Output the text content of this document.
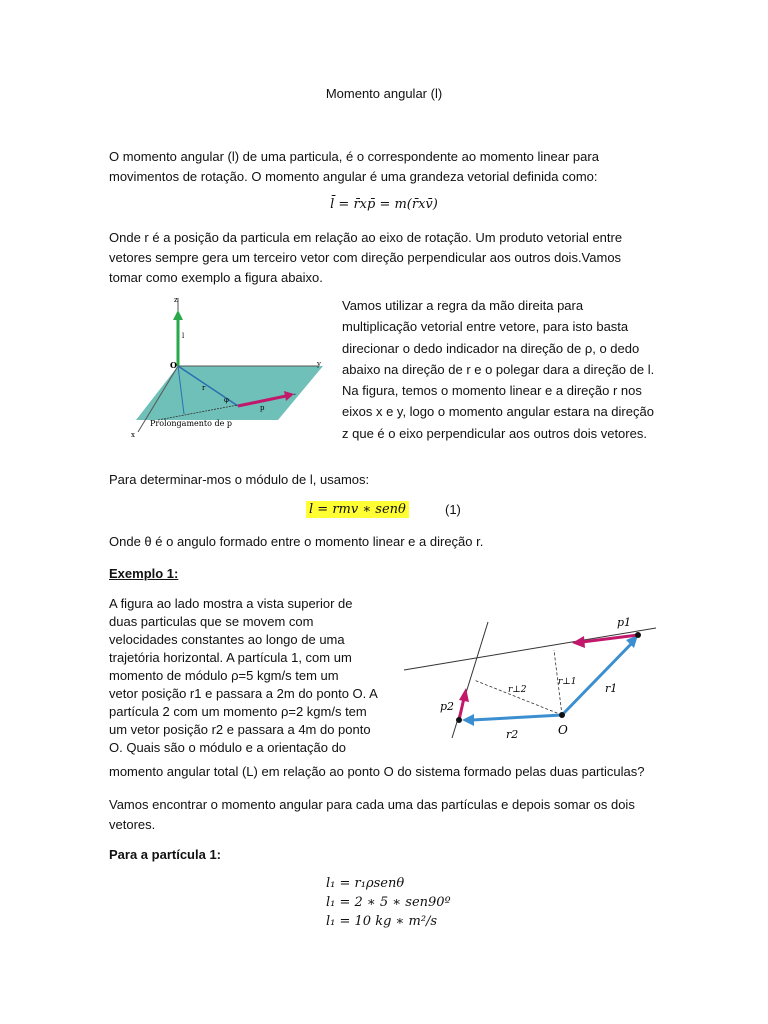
Momento angular (l)
O momento angular (l) de uma particula, é o correspondente ao momento linear para
movimentos de rotação. O momento angular é uma grandeza vetorial definida como:
l̄ = r̄xp̄ = m(r̄xv̄)
Onde r é a posição da particula em relação ao eixo de rotação. Um produto vetorial entre
vetores sempre gera um terceiro vetor com direção perpendicular aos outros dois.Vamos
tomar como exemplo a figura abaixo.
z
y
x
O
l
r
p
φ
Prolongamento de p
Vamos utilizar a regra da mão direita para
multiplicação vetorial entre vetore, para isto basta
direcionar o dedo indicador na direção de ρ, o dedo
abaixo na direção de r e o polegar dara a direção de l.
Na figura, temos o momento linear e a direção r nos
eixos x e y, logo o momento angular estara na direção
z que é o eixo perpendicular aos outros dois vetores.
Para determinar-mos o módulo de l, usamos:
l = rmv ∗ senθ	(1)
Onde θ é o angulo formado entre o momento linear e a direção r.
Exemplo 1:
A figura ao lado mostra a vista superior de
duas particulas que se movem com
velocidades constantes ao longo de uma
trajetória horizontal. A partícula 1, com um
momento de módulo ρ=5 kgm/s tem um
vetor posição r1 e passara a 2m do ponto O. A
partícula 2 com um momento ρ=2 kgm/s tem
um vetor posição r2 e passara a 4m do ponto
O. Quais são o módulo e a orientação do
momento angular total (L) em relação ao ponto O do sistema formado pelas duas particulas?
p1
p2
r1
r2
r⊥1
r⊥2
O
Vamos encontrar o momento angular para cada uma das partículas e depois somar os dois
vetores.
Para a partícula 1:
l₁ = r₁ρsenθ
l₁ = 2 ∗ 5 ∗ sen90º
l₁ = 10 kg ∗ m²/s
